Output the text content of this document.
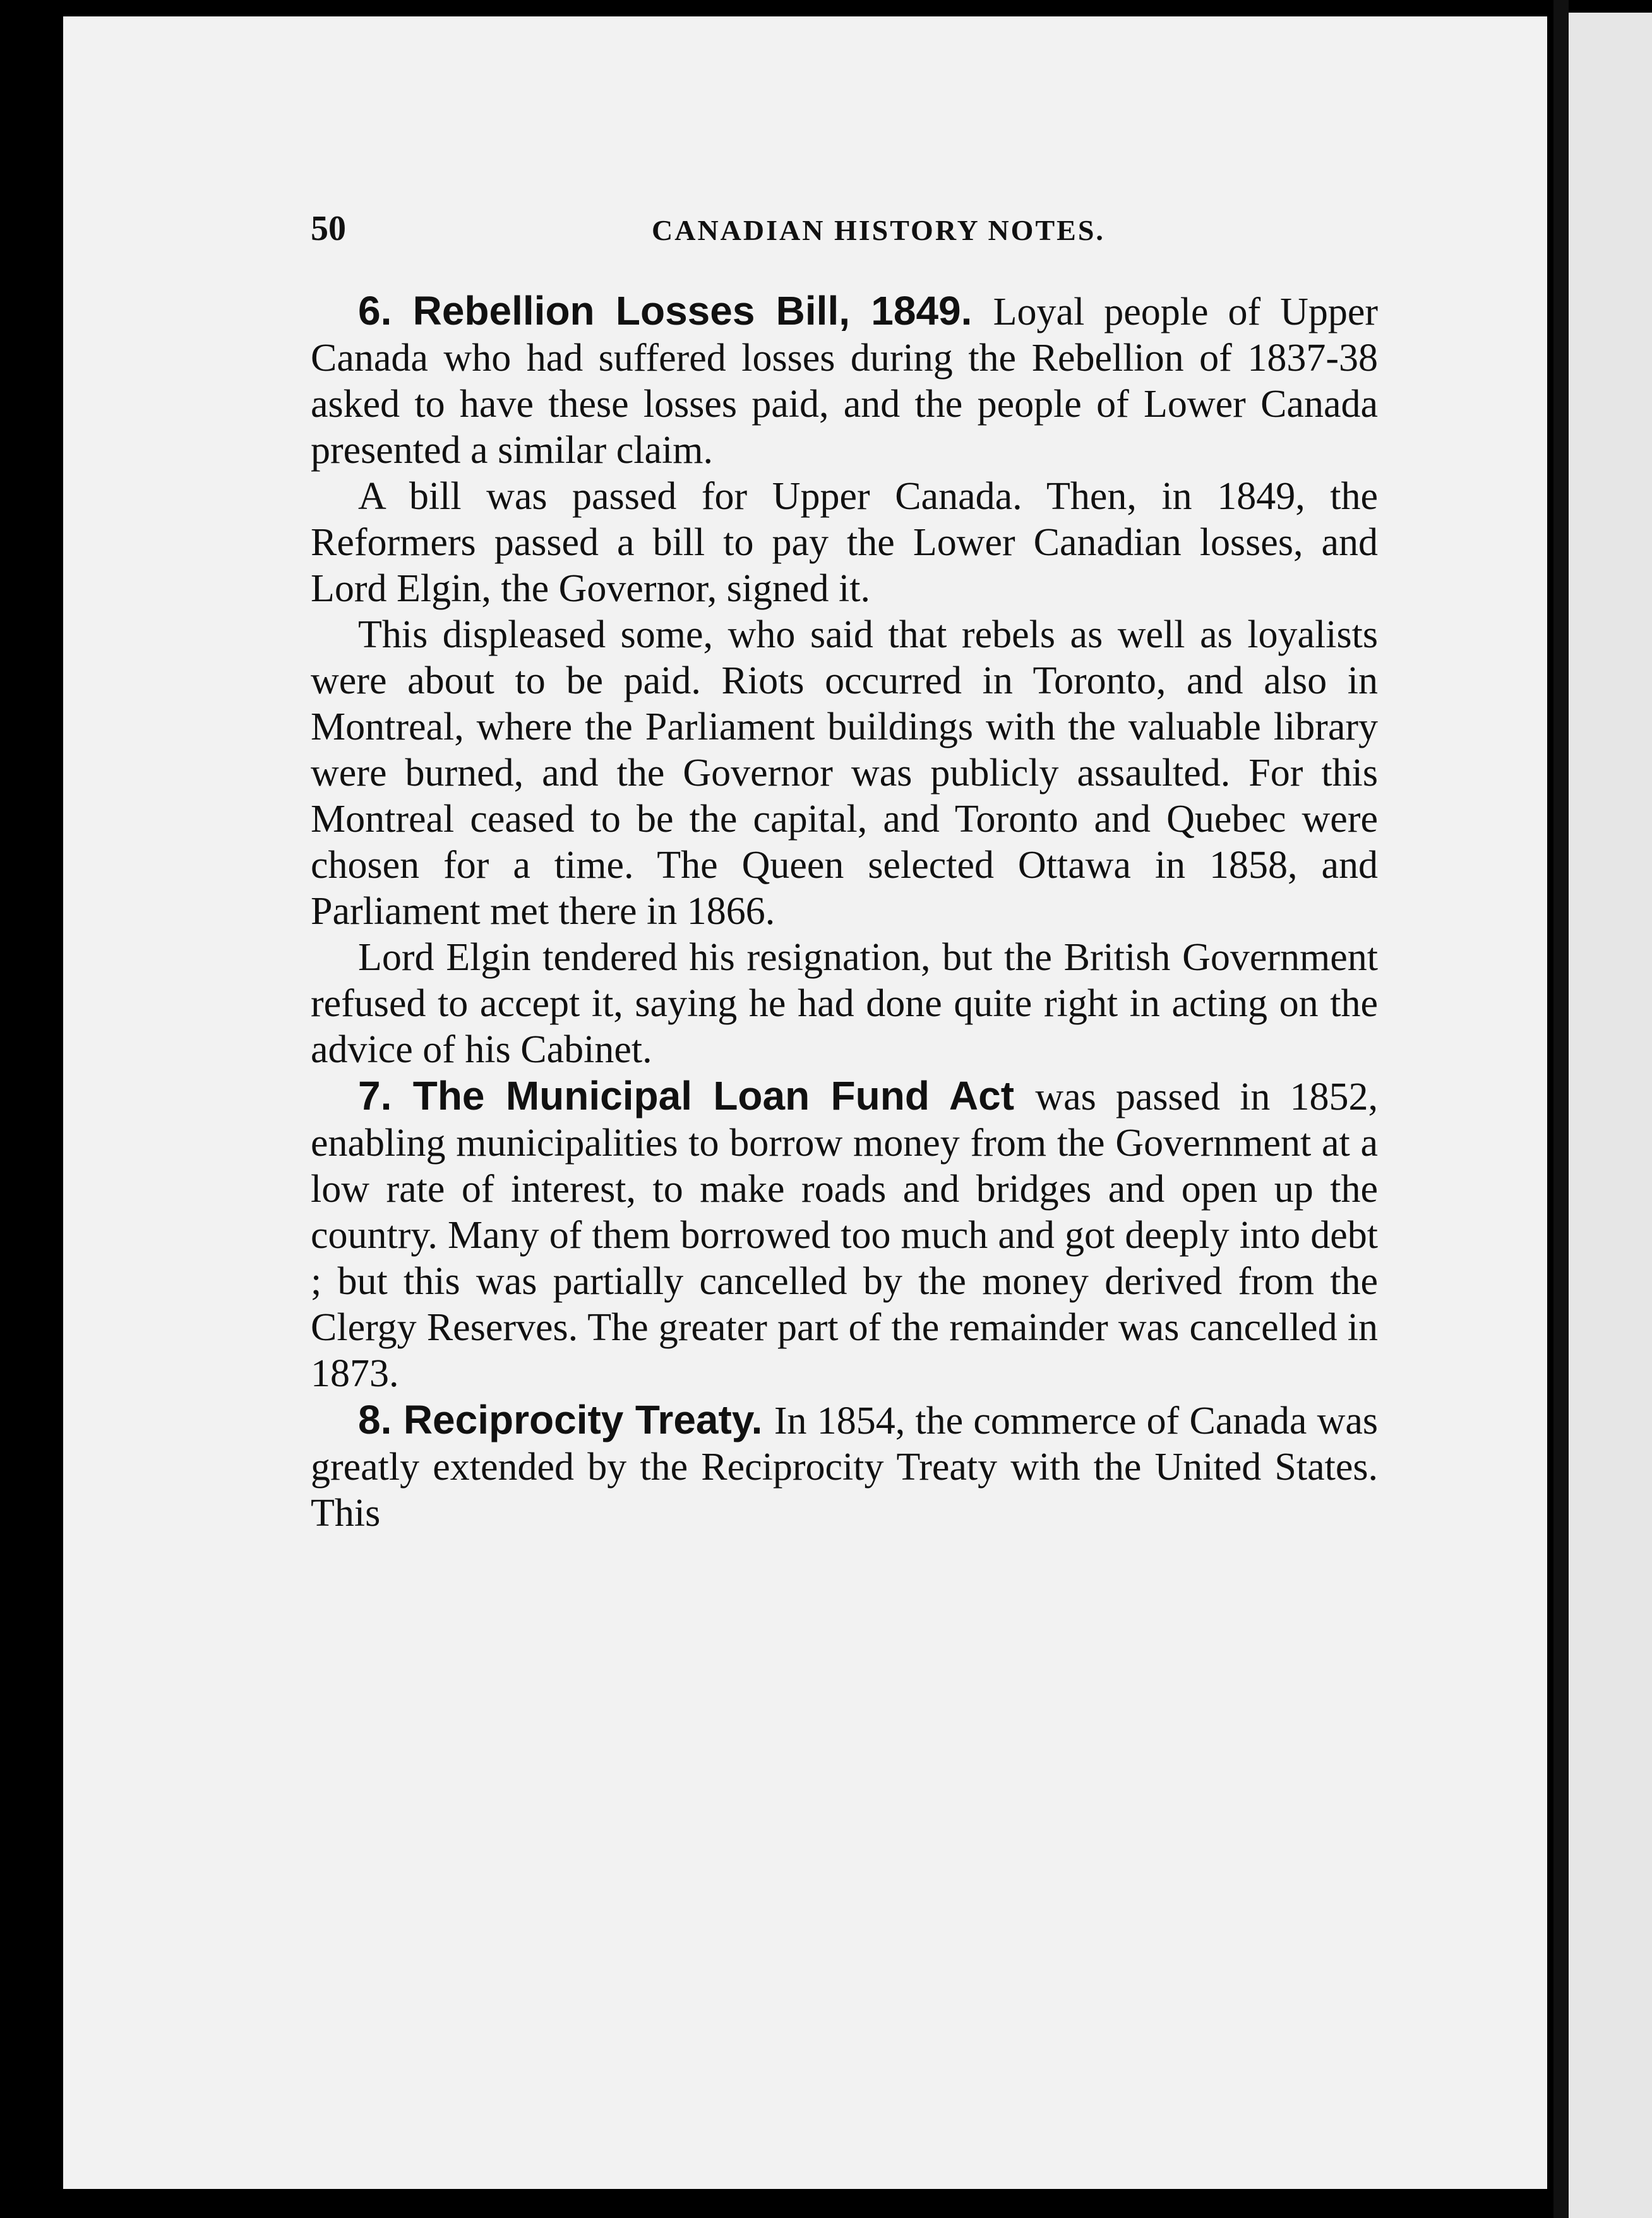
50	CANADIAN HISTORY NOTES.

6. Rebellion Losses Bill, 1849. Loyal people of Upper Canada who had suffered losses during the Rebellion of 1837-38 asked to have these losses paid, and the people of Lower Canada presented a similar claim.

A bill was passed for Upper Canada. Then, in 1849, the Reformers passed a bill to pay the Lower Canadian losses, and Lord Elgin, the Governor, signed it.

This displeased some, who said that rebels as well as loyalists were about to be paid. Riots occurred in Toronto, and also in Montreal, where the Parliament buildings with the valuable library were burned, and the Governor was publicly assaulted. For this Montreal ceased to be the capital, and Toronto and Quebec were chosen for a time. The Queen selected Ottawa in 1858, and Parliament met there in 1866.

Lord Elgin tendered his resignation, but the British Government refused to accept it, saying he had done quite right in acting on the advice of his Cabinet.

7. The Municipal Loan Fund Act was passed in 1852, enabling municipalities to borrow money from the Government at a low rate of interest, to make roads and bridges and open up the country. Many of them borrowed too much and got deeply into debt ; but this was partially cancelled by the money derived from the Clergy Reserves. The greater part of the remainder was cancelled in 1873.

8. Reciprocity Treaty. In 1854, the commerce of Canada was greatly extended by the Reciprocity Treaty with the United States. This
